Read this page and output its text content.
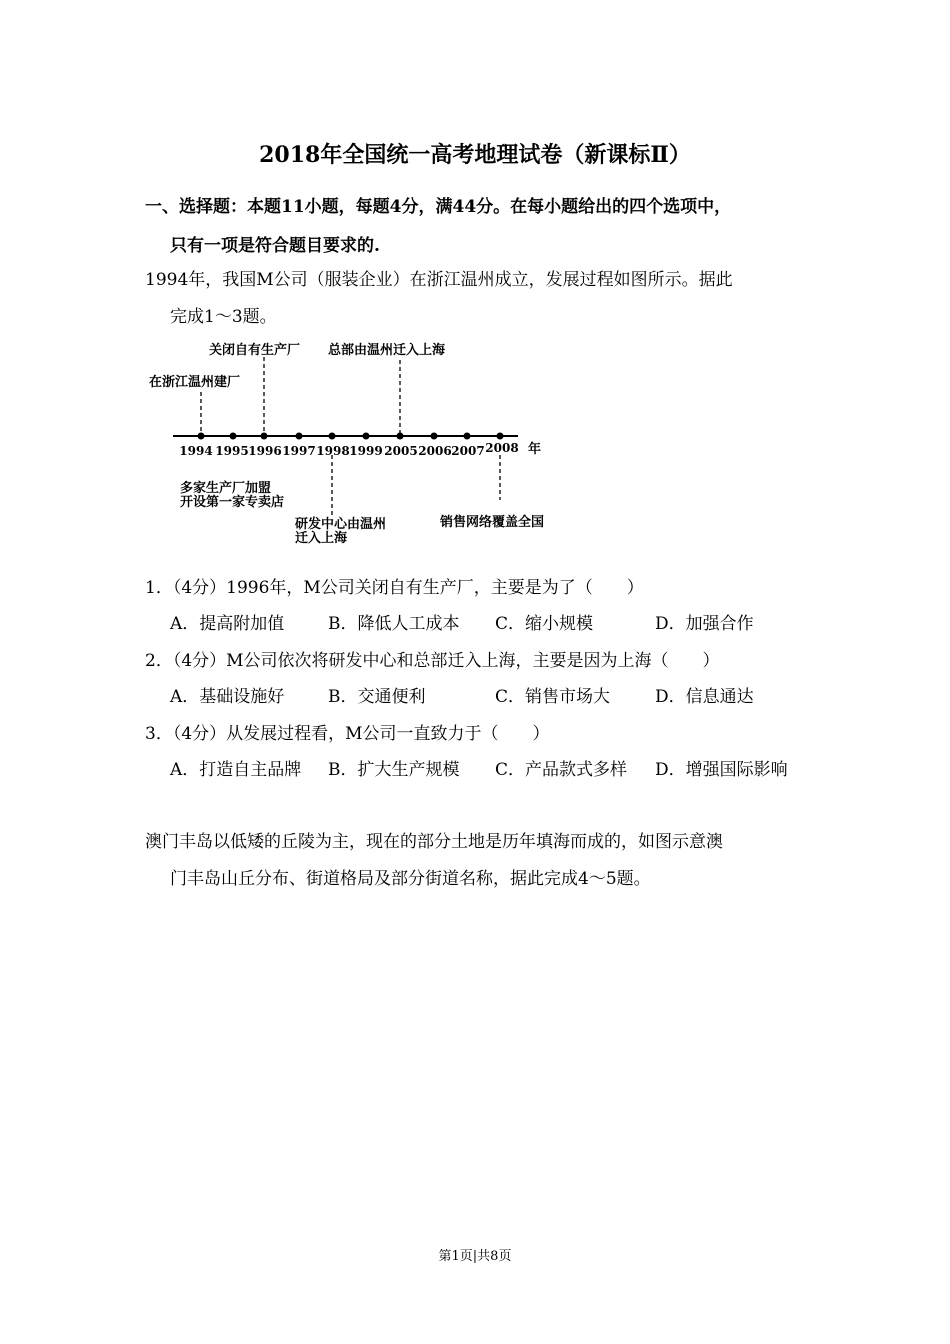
2018年全国统一高考地理试卷（新课标Ⅱ）
一、选择题：本题11小题，每题4分，满44分。在每小题给出的四个选项中，
只有一项是符合题目要求的.
1994年，我国M公司（服装企业）在浙江温州成立，发展过程如图所示。据此
完成1～3题。
1994 1995 1996 1997 1998 1999 2005 2006 2007 2008 年
在浙江温州建厂
关闭自有生产厂 总部由温州迁入上海
多家生产厂加盟
开设第一家专卖店
研发中心由温州
迁入上海
销售网络覆盖全国
1．（4分）1996年，M公司关闭自有生产厂，主要是为了（　　）
A．提高附加值	B．降低人工成本 C．缩小规模	D．加强合作
2．（4分）M公司依次将研发中心和总部迁入上海，主要是因为上海（　　）
A．基础设施好	B．交通便利	C．销售市场大	D．信息通达
3．（4分）从发展过程看，M公司一直致力于（　　）
A．打造自主品牌 B．扩大生产规模 C．产品款式多样 D．增强国际影响
澳门丰岛以低矮的丘陵为主，现在的部分土地是历年填海而成的，如图示意澳
门丰岛山丘分布、街道格局及部分街道名称，据此完成4～5题。
第1页|共8页
